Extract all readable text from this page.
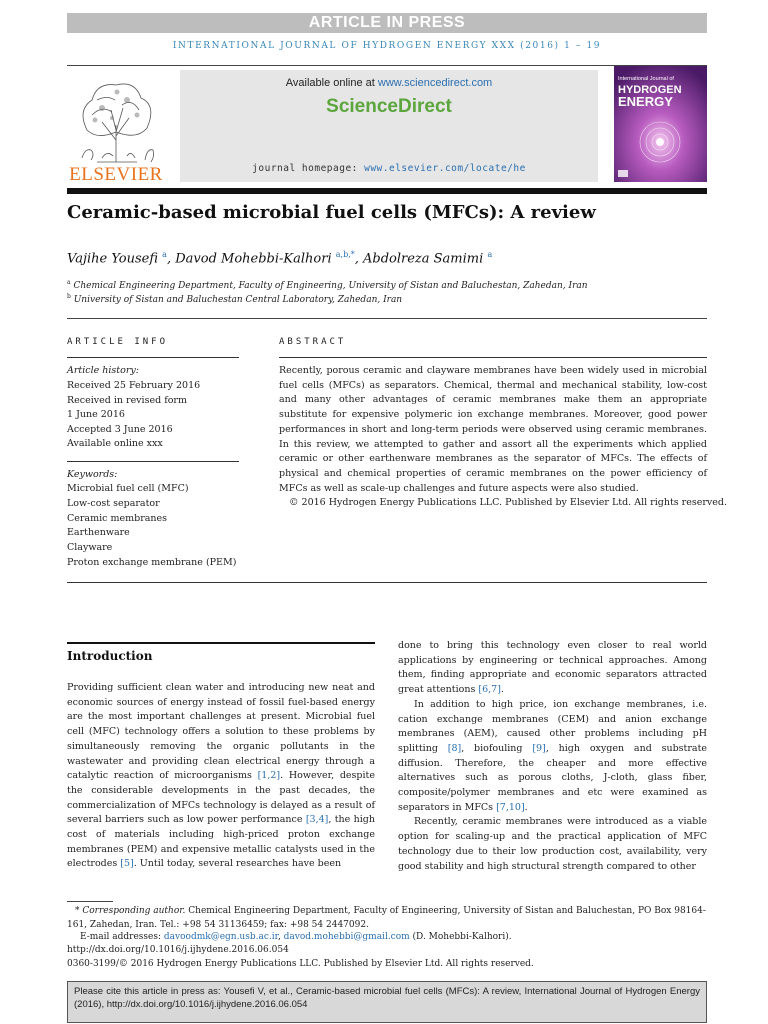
ARTICLE IN PRESS
INTERNATIONAL JOURNAL OF HYDROGEN ENERGY XXX (2016) 1 – 19
ELSEVIER
Available online at www.sciencedirect.com
ScienceDirect
journal homepage: www.elsevier.com/locate/he
International Journal of
HYDROGEN
ENERGY
Ceramic-based microbial fuel cells (MFCs): A review
Vajihe Yousefi $^a$, Davod Mohebbi-Kalhori $^{a,b,*}$, Abdolreza Samimi $^a$
$^a$ Chemical Engineering Department, Faculty of Engineering, University of Sistan and Baluchestan, Zahedan, Iran
$^b$ University of Sistan and Baluchestan Central Laboratory, Zahedan, Iran
ARTICLE INFO	ABSTRACT
Article history:
Received 25 February 2016
Received in revised form
1 June 2016
Accepted 3 June 2016
Available online xxx
Keywords:
Microbial fuel cell (MFC)
Low-cost separator
Ceramic membranes
Earthenware
Clayware
Proton exchange membrane (PEM)
Recently, porous ceramic and clayware membranes have been widely used in microbial fuel cells (MFCs) as separators. Chemical, thermal and mechanical stability, low-cost and many other advantages of ceramic membranes make them an appropriate substitute for expensive polymeric ion exchange membranes. Moreover, good power performances in short and long-term periods were observed using ceramic membranes. In this review, we attempted to gather and assort all the experiments which applied ceramic or other earthenware membranes as the separator of MFCs. The effects of physical and chemical properties of ceramic membranes on the power efficiency of MFCs as well as scale-up challenges and future aspects were also studied.
© 2016 Hydrogen Energy Publications LLC. Published by Elsevier Ltd. All rights reserved.
Introduction

Providing sufficient clean water and introducing new neat and economic sources of energy instead of fossil fuel-based energy are the most important challenges at present. Microbial fuel cell (MFC) technology offers a solution to these problems by simultaneously removing the organic pollutants in the wastewater and providing clean electrical energy through a catalytic reaction of microorganisms [1,2]. However, despite the considerable developments in the past decades, the commercialization of MFCs technology is delayed as a result of several barriers such as low power performance [3,4], the high cost of materials including high-priced proton exchange membranes (PEM) and expensive metallic catalysts used in the electrodes [5]. Until today, several researches have been

done to bring this technology even closer to real world applications by engineering or technical approaches. Among them, finding appropriate and economic separators attracted great attentions [6,7].

In addition to high price, ion exchange membranes, i.e. cation exchange membranes (CEM) and anion exchange membranes (AEM), caused other problems including pH splitting [8], biofouling [9], high oxygen and substrate diffusion. Therefore, the cheaper and more effective alternatives such as porous cloths, J-cloth, glass fiber, composite/polymer membranes and etc were examined as separators in MFCs [7,10].

Recently, ceramic membranes were introduced as a viable option for scaling-up and the practical application of MFC technology due to their low production cost, availability, very good stability and high structural strength compared to other

* Corresponding author. Chemical Engineering Department, Faculty of Engineering, University of Sistan and Baluchestan, PO Box 98164-161, Zahedan, Iran. Tel.: +98 54 31136459; fax: +98 54 2447092.
E-mail addresses: davoodmk@egn.usb.ac.ir, davod.mohebbi@gmail.com (D. Mohebbi-Kalhori).
http://dx.doi.org/10.1016/j.ijhydene.2016.06.054
0360-3199/© 2016 Hydrogen Energy Publications LLC. Published by Elsevier Ltd. All rights reserved.
Please cite this article in press as: Yousefi V, et al., Ceramic-based microbial fuel cells (MFCs): A review, International Journal of Hydrogen Energy (2016), http://dx.doi.org/10.1016/j.ijhydene.2016.06.054
